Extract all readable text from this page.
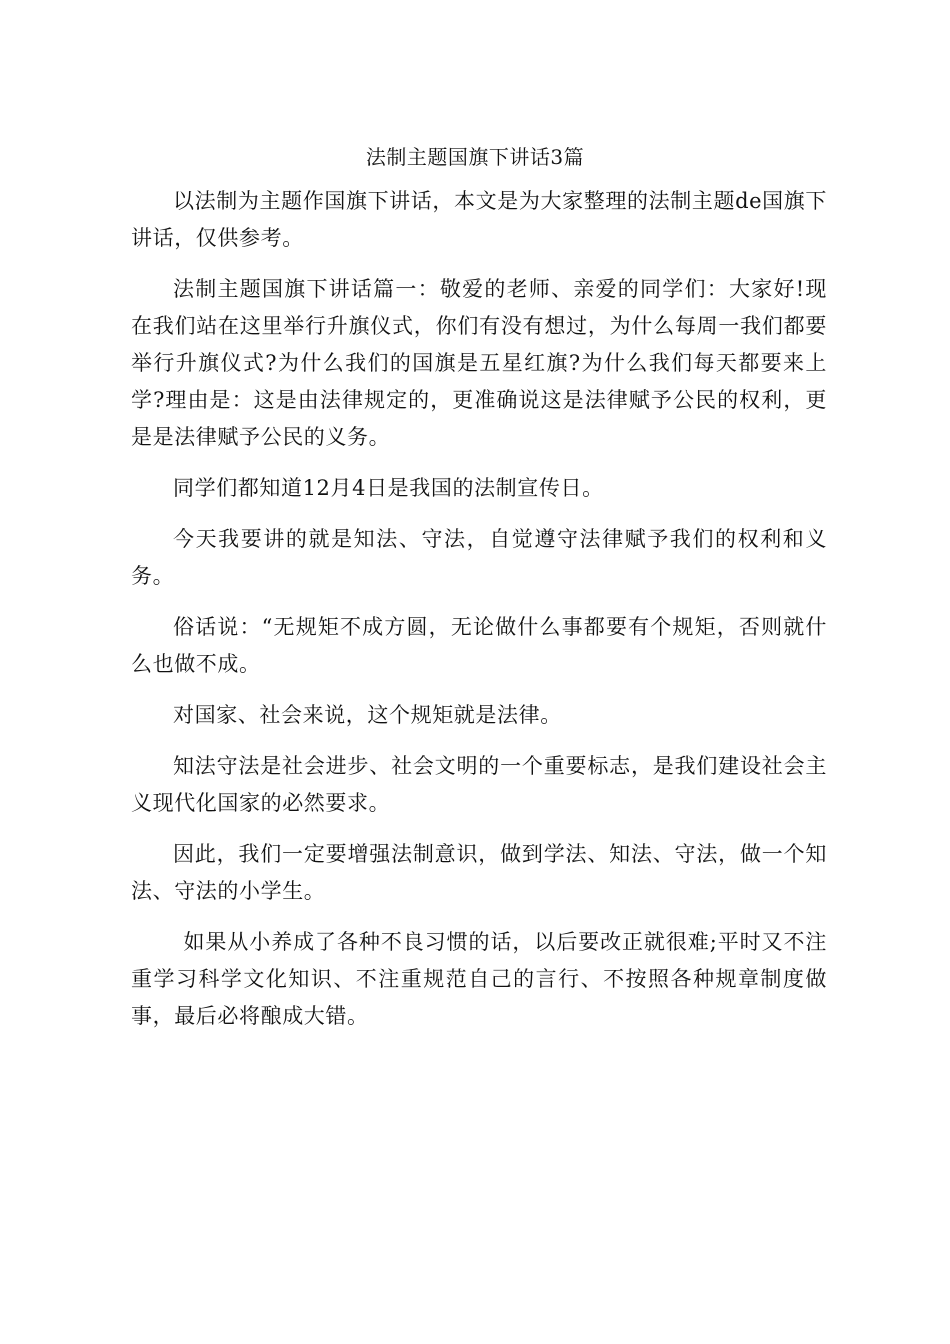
法制主题国旗下讲话3篇

以法制为主题作国旗下讲话，本文是为大家整理的法制主题de国旗下讲话，仅供参考。

法制主题国旗下讲话篇一：敬爱的老师、亲爱的同学们：大家好!现在我们站在这里举行升旗仪式，你们有没有想过，为什么每周一我们都要举行升旗仪式?为什么我们的国旗是五星红旗?为什么我们每天都要来上学?理由是：这是由法律规定的，更准确说这是法律赋予公民的权利，更是是法律赋予公民的义务。

同学们都知道12月4日是我国的法制宣传日。

今天我要讲的就是知法、守法，自觉遵守法律赋予我们的权利和义务。

俗话说：“无规矩不成方圆，无论做什么事都要有个规矩，否则就什么也做不成。

对国家、社会来说，这个规矩就是法律。

知法守法是社会进步、社会文明的一个重要标志，是我们建设社会主义现代化国家的必然要求。

因此，我们一定要增强法制意识，做到学法、知法、守法，做一个知法、守法的小学生。

如果从小养成了各种不良习惯的话，以后要改正就很难;平时又不注重学习科学文化知识、不注重规范自己的言行、不按照各种规章制度做事，最后必将酿成大错。
